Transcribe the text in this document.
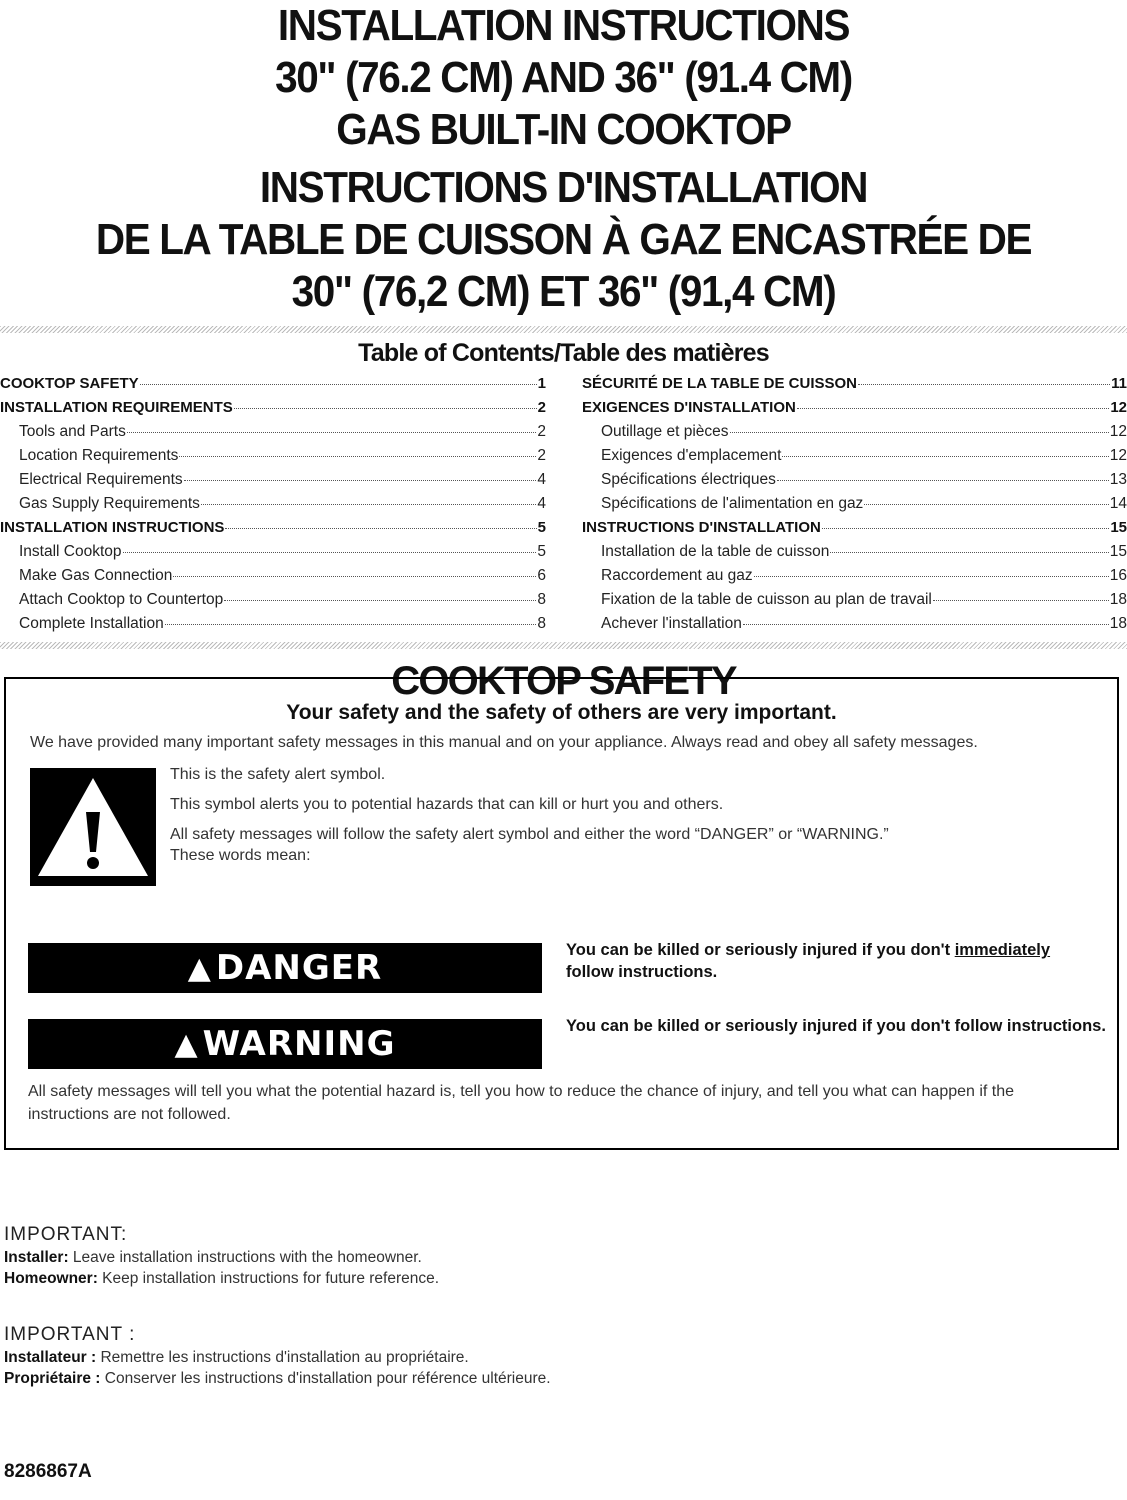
INSTALLATION INSTRUCTIONS
30" (76.2 CM) AND 36" (91.4 CM)
GAS BUILT-IN COOKTOP
INSTRUCTIONS D'INSTALLATION
DE LA TABLE DE CUISSON À GAZ ENCASTRÉE DE
30" (76,2 CM) ET 36" (91,4 CM)
Table of Contents/Table des matières
COOKTOP SAFETY	1
INSTALLATION REQUIREMENTS	2
Tools and Parts	2
Location Requirements	2
Electrical Requirements	4
Gas Supply Requirements	4
INSTALLATION INSTRUCTIONS	5
Install Cooktop	5
Make Gas Connection	6
Attach Cooktop to Countertop	8
Complete Installation	8
SÉCURITÉ DE LA TABLE DE CUISSON	11
EXIGENCES D'INSTALLATION	12
Outillage et pièces	12
Exigences d'emplacement	12
Spécifications électriques	13
Spécifications de l'alimentation en gaz	14
INSTRUCTIONS D'INSTALLATION	15
Installation de la table de cuisson	15
Raccordement au gaz	16
Fixation de la table de cuisson au plan de travail	18
Achever l'installation	18
COOKTOP SAFETY
Your safety and the safety of others are very important.
We have provided many important safety messages in this manual and on your appliance. Always read and obey all safety messages.
This is the safety alert symbol.
This symbol alerts you to potential hazards that can kill or hurt you and others.
All safety messages will follow the safety alert symbol and either the word “DANGER” or “WARNING.”
These words mean:
▲ DANGER	You can be killed or seriously injured if you don't immediately
follow instructions.
▲ WARNING	You can be killed or seriously injured if you don't follow instructions.
All safety messages will tell you what the potential hazard is, tell you how to reduce the chance of injury, and tell you what can happen if the instructions are not followed.
IMPORTANT:
Installer: Leave installation instructions with the homeowner.
Homeowner: Keep installation instructions for future reference.
IMPORTANT :
Installateur : Remettre les instructions d'installation au propriétaire.
Propriétaire : Conserver les instructions d'installation pour référence ultérieure.
8286867A
